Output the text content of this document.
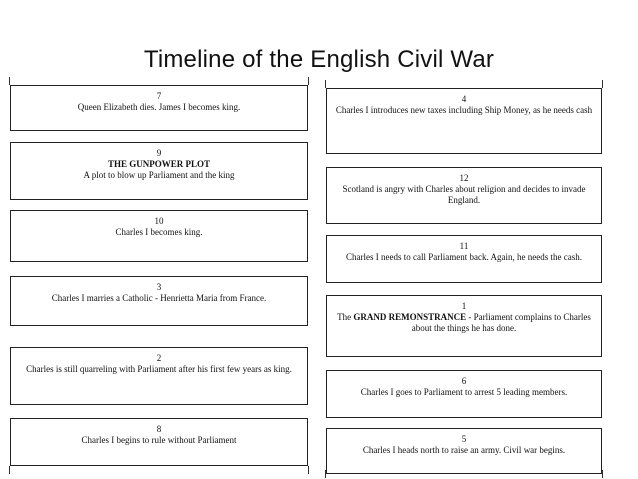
Timeline of the English Civil War
7
Queen Elizabeth dies. James I becomes king.
9
THE GUNPOWER PLOT
A plot to blow up Parliament and the king
10
Charles I becomes king.
3
Charles I marries a Catholic - Henrietta Maria from France.
2
Charles is still quarreling with Parliament after his first few years as king.
8
Charles I begins to rule without Parliament
4
Charles I introduces new taxes including Ship Money, as he needs cash
12
Scotland is angry with Charles about religion and decides to invade England.
11
Charles I needs to call Parliament back. Again, he needs the cash.
1
The GRAND REMONSTRANCE - Parliament complains to Charles about the things he has done.
6
Charles I goes to Parliament to arrest 5 leading members.
5
Charles I heads north to raise an army. Civil war begins.
